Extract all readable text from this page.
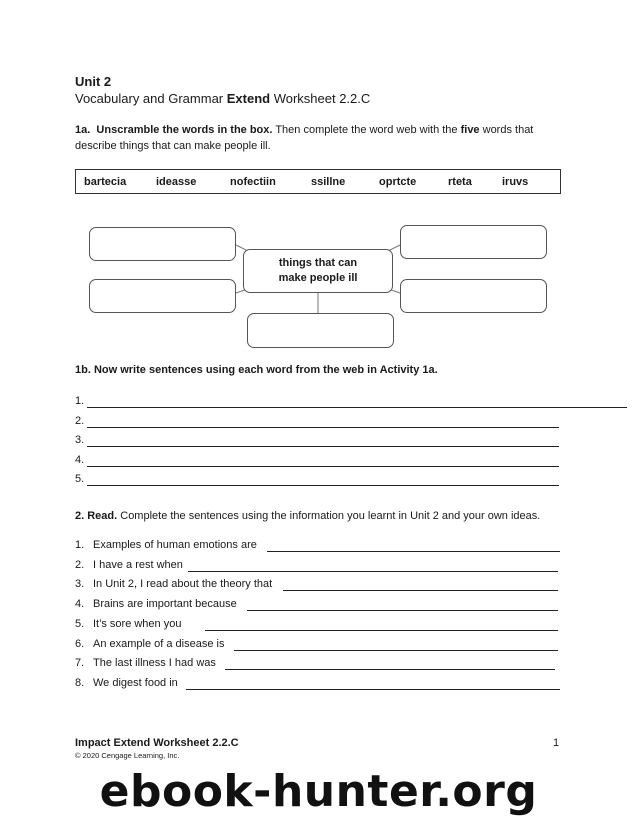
Unit 2
Vocabulary and Grammar Extend Worksheet 2.2.C
1a. Unscramble the words in the box. Then complete the word web with the five words that describe things that can make people ill.
bartecia	ideasse	nofectiin	ssillne	oprtcte	rteta	iruvs
things that can
make people ill
1b. Now write sentences using each word from the web in Activity 1a.
1.
2.
3.
4.
5.
2. Read. Complete the sentences using the information you learnt in Unit 2 and your own ideas.
1. Examples of human emotions are
2. I have a rest when
3. In Unit 2, I read about the theory that
4. Brains are important because
5. It’s sore when you
6. An example of a disease is
7. The last illness I had was
8. We digest food in
Impact Extend Worksheet 2.2.C
© 2020 Cengage Learning, Inc.
1
ebook-hunter.org
